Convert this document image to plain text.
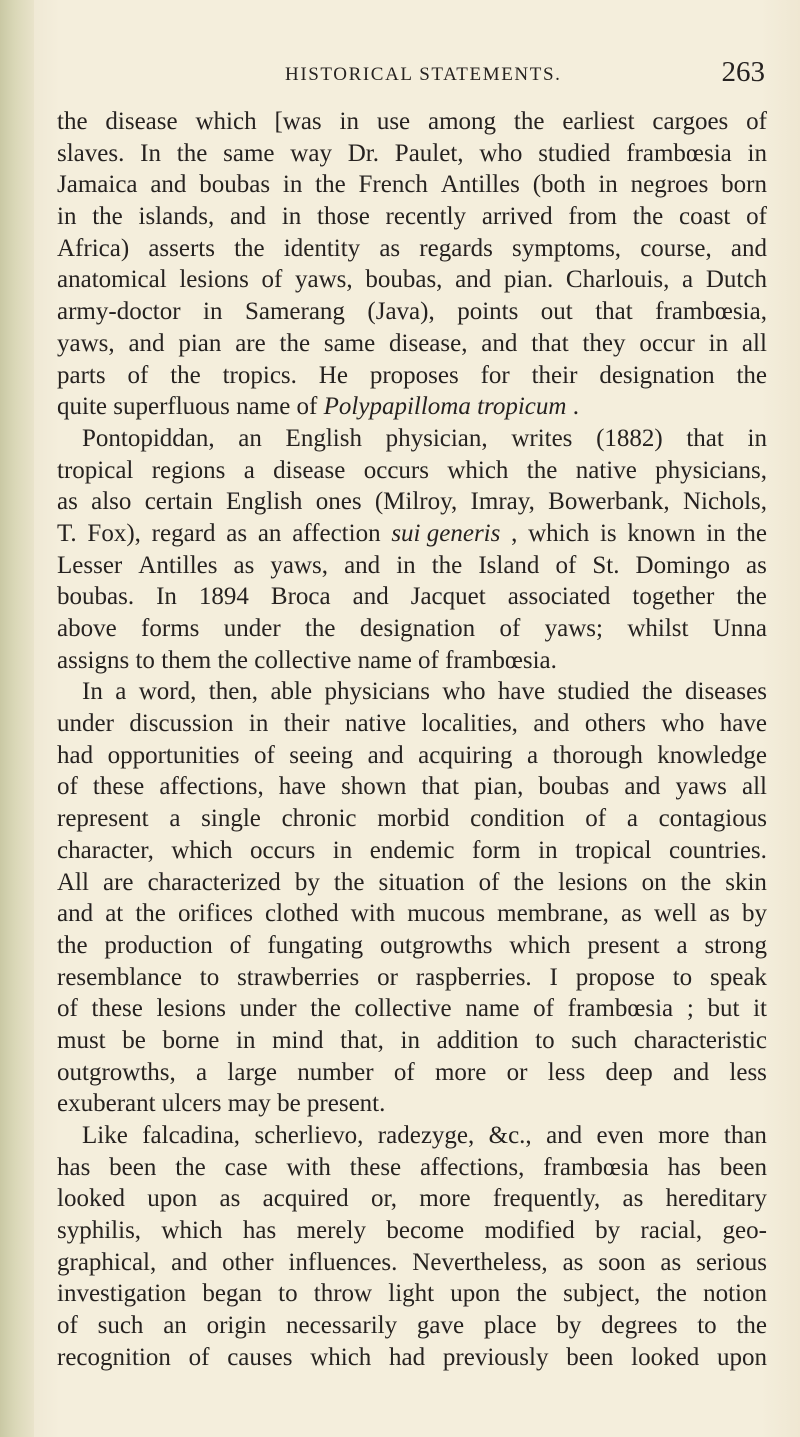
HISTORICAL STATEMENTS.	263
the disease which [was in use among the earliest cargoes of
slaves. In the same way Dr. Paulet, who studied frambœsia in
Jamaica and boubas in the French Antilles (both in negroes born
in the islands, and in those recently arrived from the coast of
Africa) asserts the identity as regards symptoms, course, and
anatomical lesions of yaws, boubas, and pian. Charlouis, a Dutch
army-doctor in Samerang (Java), points out that frambœsia,
yaws, and pian are the same disease, and that they occur in all
parts of the tropics. He proposes for their designation the
quite superfluous name of Polypapilloma tropicum .
Pontopiddan, an English physician, writes (1882) that in
tropical regions a disease occurs which the native physicians,
as also certain English ones (Milroy, Imray, Bowerbank, Nichols,
T. Fox), regard as an affection sui generis , which is known in the
Lesser Antilles as yaws, and in the Island of St. Domingo as
boubas. In 1894 Broca and Jacquet associated together the
above forms under the designation of yaws; whilst Unna
assigns to them the collective name of frambœsia.
In a word, then, able physicians who have studied the diseases
under discussion in their native localities, and others who have
had opportunities of seeing and acquiring a thorough knowledge
of these affections, have shown that pian, boubas and yaws all
represent a single chronic morbid condition of a contagious
character, which occurs in endemic form in tropical countries.
All are characterized by the situation of the lesions on the skin
and at the orifices clothed with mucous membrane, as well as by
the production of fungating outgrowths which present a strong
resemblance to strawberries or raspberries. I propose to speak
of these lesions under the collective name of frambœsia ; but it
must be borne in mind that, in addition to such characteristic
outgrowths, a large number of more or less deep and less
exuberant ulcers may be present.
Like falcadina, scherlievo, radezyge, &c., and even more than
has been the case with these affections, frambœsia has been
looked upon as acquired or, more frequently, as hereditary
syphilis, which has merely become modified by racial, geo-
graphical, and other influences. Nevertheless, as soon as serious
investigation began to throw light upon the subject, the notion
of such an origin necessarily gave place by degrees to the
recognition of causes which had previously been looked upon
